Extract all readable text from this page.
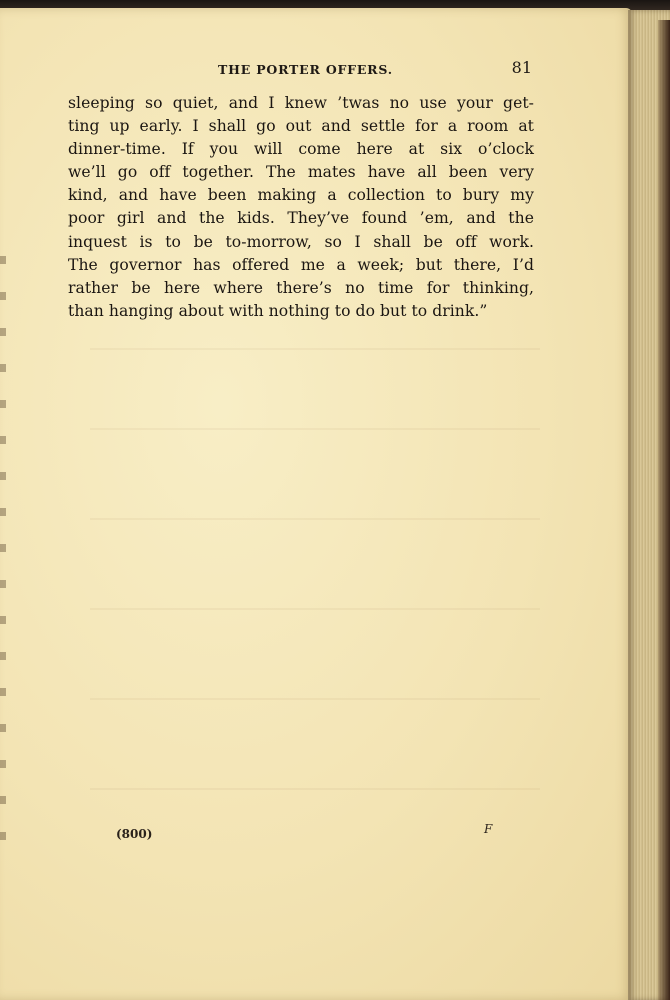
THE PORTER OFFERS.	81
sleeping so quiet, and I knew ’twas no use your get-
ting up early. I shall go out and settle for a room at
dinner-time. If you will come here at six o’clock
we’ll go off together. The mates have all been very
kind, and have been making a collection to bury my
poor girl and the kids. They’ve found ’em, and the
inquest is to be to-morrow, so I shall be off work.
The governor has offered me a week; but there, I’d
rather be here where there’s no time for thinking,
than hanging about with nothing to do but to drink.”
(800)	F
